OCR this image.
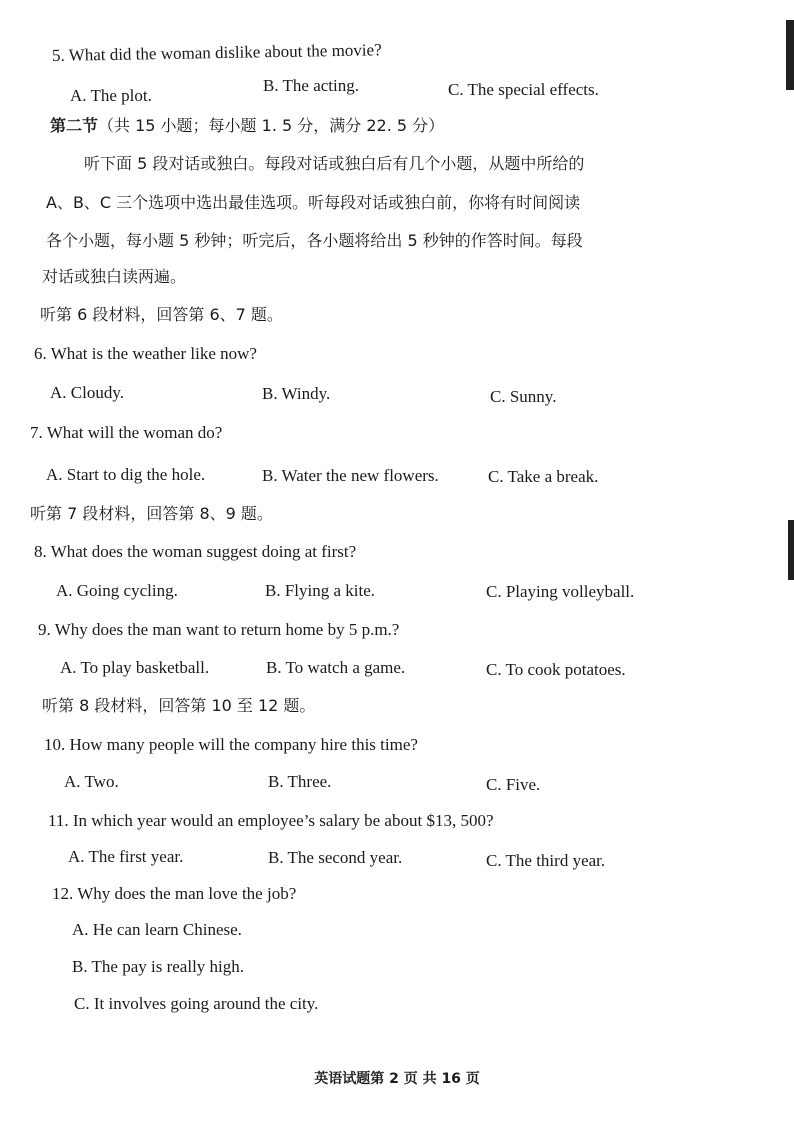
5. What did the woman dislike about the movie?
A. The plot.
B. The acting.	C. The special effects.
第二节（共 15 小题；每小题 1. 5 分，满分 22. 5 分）
听下面 5 段对话或独白。每段对话或独白后有几个小题，从题中所给的
A、B、C 三个选项中选出最佳选项。听每段对话或独白前，你将有时间阅读
各个小题，每小题 5 秒钟；听完后，各小题将给出 5 秒钟的作答时间。每段
对话或独白读两遍。
听第 6 段材料，回答第 6、7 题。
6. What is the weather like now?
A. Cloudy.	B. Windy.	C. Sunny.
7. What will the woman do?
A. Start to dig the hole.	B. Water the new flowers.	C. Take a break.
听第 7 段材料，回答第 8、9 题。
8. What does the woman suggest doing at first?
A. Going cycling.	B. Flying a kite.	C. Playing volleyball.
9. Why does the man want to return home by 5 p.m.?
A. To play basketball.	B. To watch a game.	C. To cook potatoes.
听第 8 段材料，回答第 10 至 12 题。
10. How many people will the company hire this time?
A. Two.	B. Three.	C. Five.
11. In which year would an employee’s salary be about $13, 500?
A. The first year.	B. The second year.	C. The third year.
12. Why does the man love the job?
A. He can learn Chinese.
B. The pay is really high.
C. It involves going around the city.
英语试题第 2 页 共 16 页
